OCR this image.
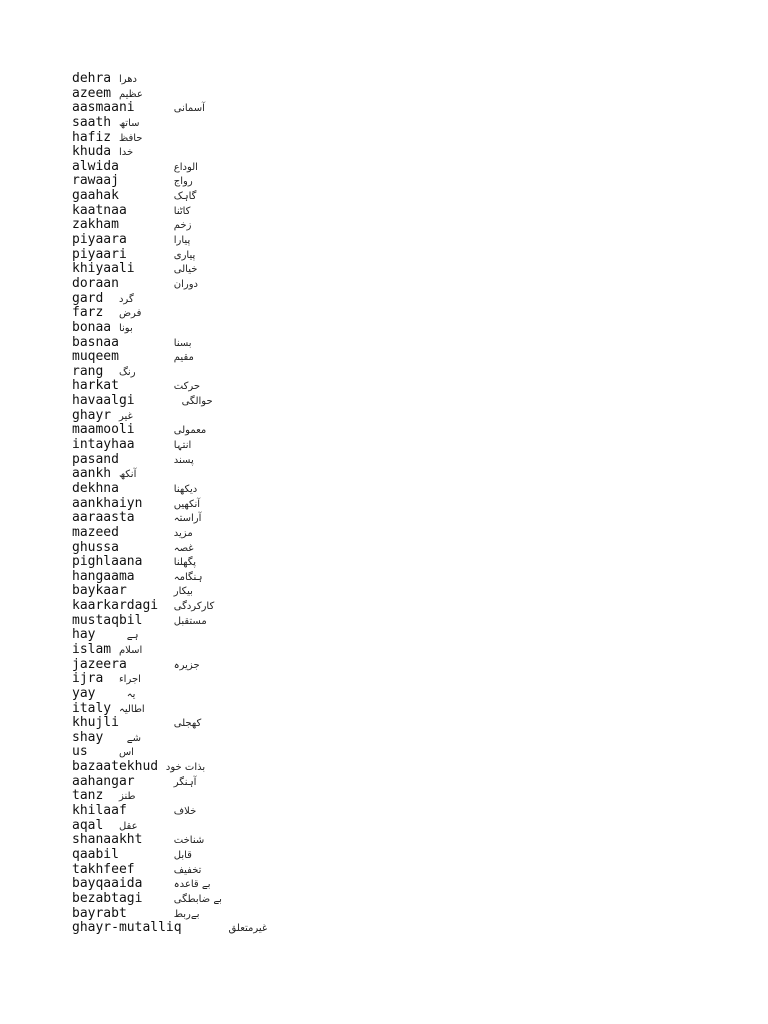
dehra دهرا
azeem عظیم
aasmaani	آسمانی
saath ساتھ
hafiz حافظ
khuda خدا
alwida	الوداع
rawaaj	رواج
gaahak	گاہک
kaatnaa	کاٹنا
zakham	زخم
piyaara	پیارا
piyaari	پیاری
khiyaali	خیالی
doraan	دوران
gard گرد
farz فرض
bonaa بونا
basnaa	بسنا
muqeem	مقیم
rang رنگ
harkat	حرکت
havaalgi	حوالگی
ghayr غیر
maamooli	معمولی
intayhaa	انتہا
pasand	پسند
aankh آنکھ
dekhna	دیکھنا
aankhaiyn	آنکھیں
aaraasta	آراستہ
mazeed	مزید
ghussa	غصہ
pighlaana	پگھلنا
hangaama	ہنگامہ
baykaar	بیکار
kaarkardagi کارکردگی
mustaqbil	مستقبل
hay	ہے
islam اسلام
jazeera	جزیرہ
ijra اجراء
yay	یہ
italy اطالیہ
khujli	کھجلی
shay شے
us	اس
bazaatekhud بذات خود
aahangar	آہنگر
tanz طنز
khilaaf	خلاف
aqal عقل
shanaakht	شناخت
qaabil	قابل
takhfeef	تخفیف
bayqaaida	بے قاعدہ
bezabtagi	بے ضابطگی
bayrabt	بےربط
ghayr-mutalliq	غیرمتعلق
